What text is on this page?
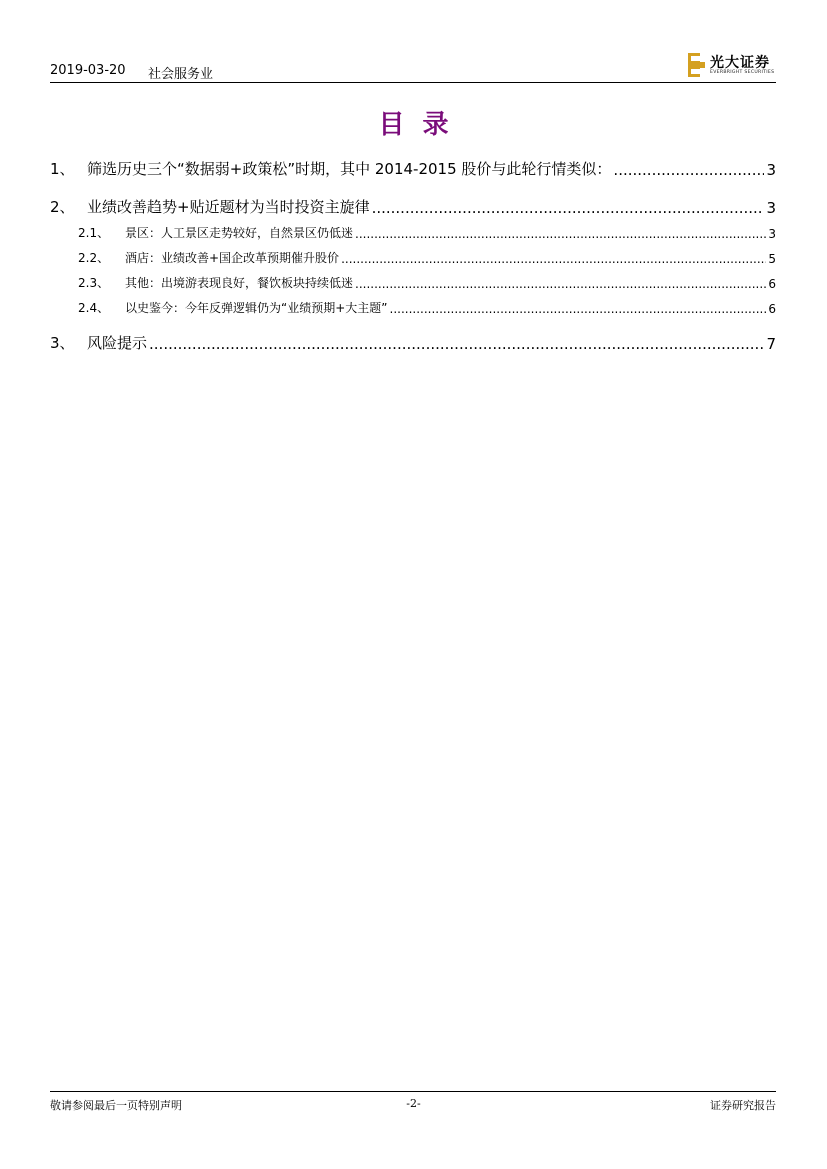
2019-03-20 社会服务业
光大证券
EVERBRIGHT SECURITIES
目录
1、 筛选历史三个“数据弱+政策松”时期，其中 2014-2015 股价与此轮行情类似： .....	3
2、 业绩改善趋势+贴近题材为当时投资主旋律 .....	3
2.1、	景区：人工景区走势较好，自然景区仍低迷 .....	3
2.2、	酒店：业绩改善+国企改革预期催升股价 .....	5
2.3、	其他：出境游表现良好，餐饮板块持续低迷 .....	6
2.4、	以史鉴今：今年反弹逻辑仍为“业绩预期+大主题” .....	6
3、 风险提示 .....	7
敬请参阅最后一页特别声明	-2-	证券研究报告
